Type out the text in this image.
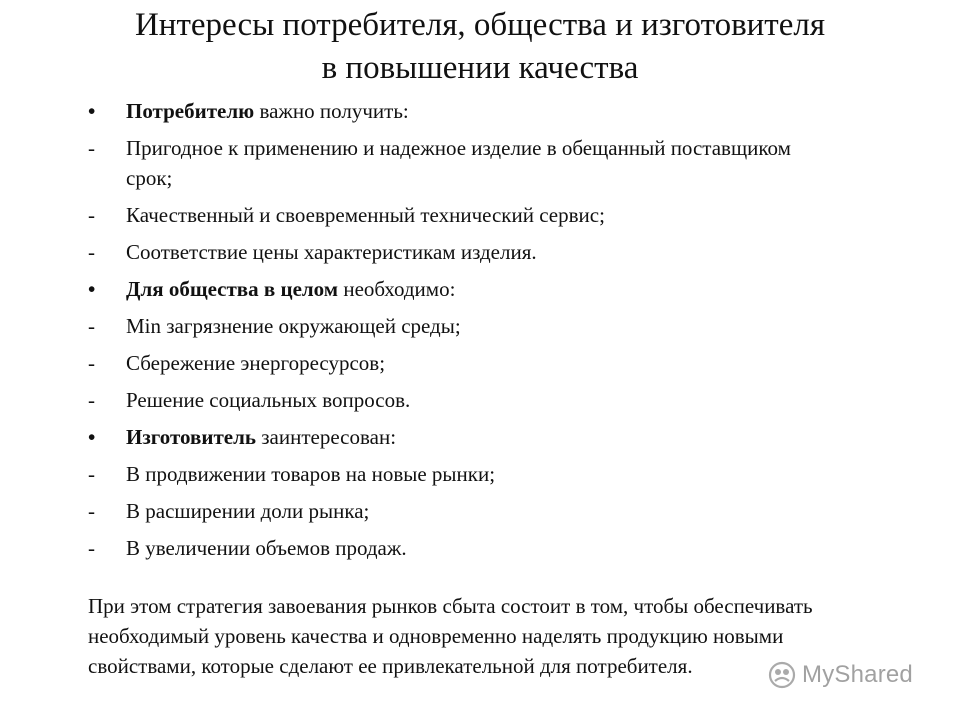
Интересы потребителя, общества и изготовителя
в повышении качества
•	Потребителю важно получить:
-	Пригодное к применению и надежное изделие в обещанный поставщиком срок;
-	Качественный и своевременный технический сервис;
-	Соответствие цены характеристикам изделия.
•	Для общества в целом необходимо:
-	Min загрязнение окружающей среды;
-	Сбережение энергоресурсов;
-	Решение социальных вопросов.
•	Изготовитель заинтересован:
-	В продвижении товаров на новые рынки;
-	В расширении доли рынка;
-	В увеличении объемов продаж.
При этом стратегия завоевания рынков сбыта состоит в том, чтобы обеспечивать необходимый уровень качества и одновременно наделять продукцию новыми свойствами, которые сделают ее привлекательной для потребителя.	MyShared
